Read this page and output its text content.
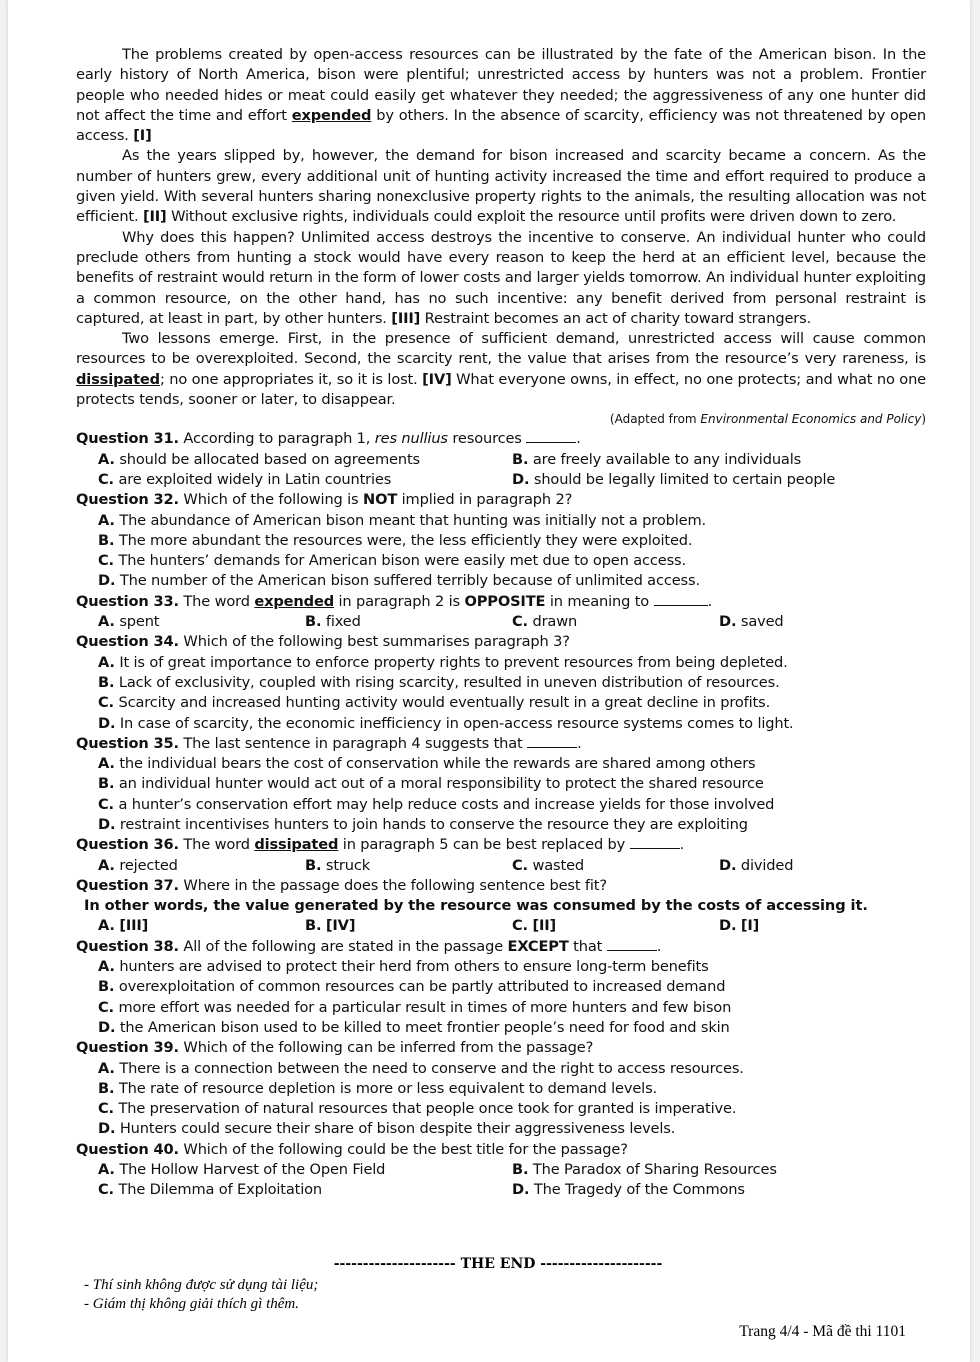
The problems created by open-access resources can be illustrated by the fate of the American bison. In the early history of North America, bison were plentiful; unrestricted access by hunters was not a problem. Frontier people who needed hides or meat could easily get whatever they needed; the aggressiveness of any one hunter did not affect the time and effort expended by others. In the absence of scarcity, efficiency was not threatened by open access. [I]

As the years slipped by, however, the demand for bison increased and scarcity became a concern. As the number of hunters grew, every additional unit of hunting activity increased the time and effort required to produce a given yield. With several hunters sharing nonexclusive property rights to the animals, the resulting allocation was not efficient. [II] Without exclusive rights, individuals could exploit the resource until profits were driven down to zero.

Why does this happen? Unlimited access destroys the incentive to conserve. An individual hunter who could preclude others from hunting a stock would have every reason to keep the herd at an efficient level, because the benefits of restraint would return in the form of lower costs and larger yields tomorrow. An individual hunter exploiting a common resource, on the other hand, has no such incentive: any benefit derived from personal restraint is captured, at least in part, by other hunters. [III] Restraint becomes an act of charity toward strangers.

Two lessons emerge. First, in the presence of sufficient demand, unrestricted access will cause common resources to be overexploited. Second, the scarcity rent, the value that arises from the resource’s very rareness, is dissipated; no one appropriates it, so it is lost. [IV] What everyone owns, in effect, no one protects; and what no one protects tends, sooner or later, to disappear.

(Adapted from Environmental Economics and Policy)

Question 31. According to paragraph 1, res nullius resources	.

A. should be allocated based on agreements	B. are freely available to any individuals
C. are exploited widely in Latin countries	D. should be legally limited to certain people

Question 32. Which of the following is NOT implied in paragraph 2?

A. The abundance of American bison meant that hunting was initially not a problem.
B. The more abundant the resources were, the less efficiently they were exploited.
C. The hunters’ demands for American bison were easily met due to open access.
D. The number of the American bison suffered terribly because of unlimited access.

Question 33. The word expended in paragraph 2 is OPPOSITE in meaning to	.

A. spent	B. fixed	C. drawn	D. saved

Question 34. Which of the following best summarises paragraph 3?

A. It is of great importance to enforce property rights to prevent resources from being depleted.
B. Lack of exclusivity, coupled with rising scarcity, resulted in uneven distribution of resources.
C. Scarcity and increased hunting activity would eventually result in a great decline in profits.
D. In case of scarcity, the economic inefficiency in open-access resource systems comes to light.

Question 35. The last sentence in paragraph 4 suggests that	.

A. the individual bears the cost of conservation while the rewards are shared among others
B. an individual hunter would act out of a moral responsibility to protect the shared resource
C. a hunter’s conservation effort may help reduce costs and increase yields for those involved
D. restraint incentivises hunters to join hands to conserve the resource they are exploiting

Question 36. The word dissipated in paragraph 5 can be best replaced by	.

A. rejected	B. struck	C. wasted	D. divided

Question 37. Where in the passage does the following sentence best fit?

In other words, the value generated by the resource was consumed by the costs of accessing it.

A. [III]	B. [IV]	C. [II]	D. [I]

Question 38. All of the following are stated in the passage EXCEPT that	.

A. hunters are advised to protect their herd from others to ensure long-term benefits
B. overexploitation of common resources can be partly attributed to increased demand
C. more effort was needed for a particular result in times of more hunters and few bison
D. the American bison used to be killed to meet frontier people’s need for food and skin

Question 39. Which of the following can be inferred from the passage?

A. There is a connection between the need to conserve and the right to access resources.
B. The rate of resource depletion is more or less equivalent to demand levels.
C. The preservation of natural resources that people once took for granted is imperative.
D. Hunters could secure their share of bison despite their aggressiveness levels.

Question 40. Which of the following could be the best title for the passage?

A. The Hollow Harvest of the Open Field	B. The Paradox of Sharing Resources
C. The Dilemma of Exploitation	D. The Tragedy of the Commons
--------------------- THE END ---------------------
- Thí sinh không được sử dụng tài liệu;
- Giám thị không giải thích gì thêm.
Trang 4/4 - Mã đề thi 1101
